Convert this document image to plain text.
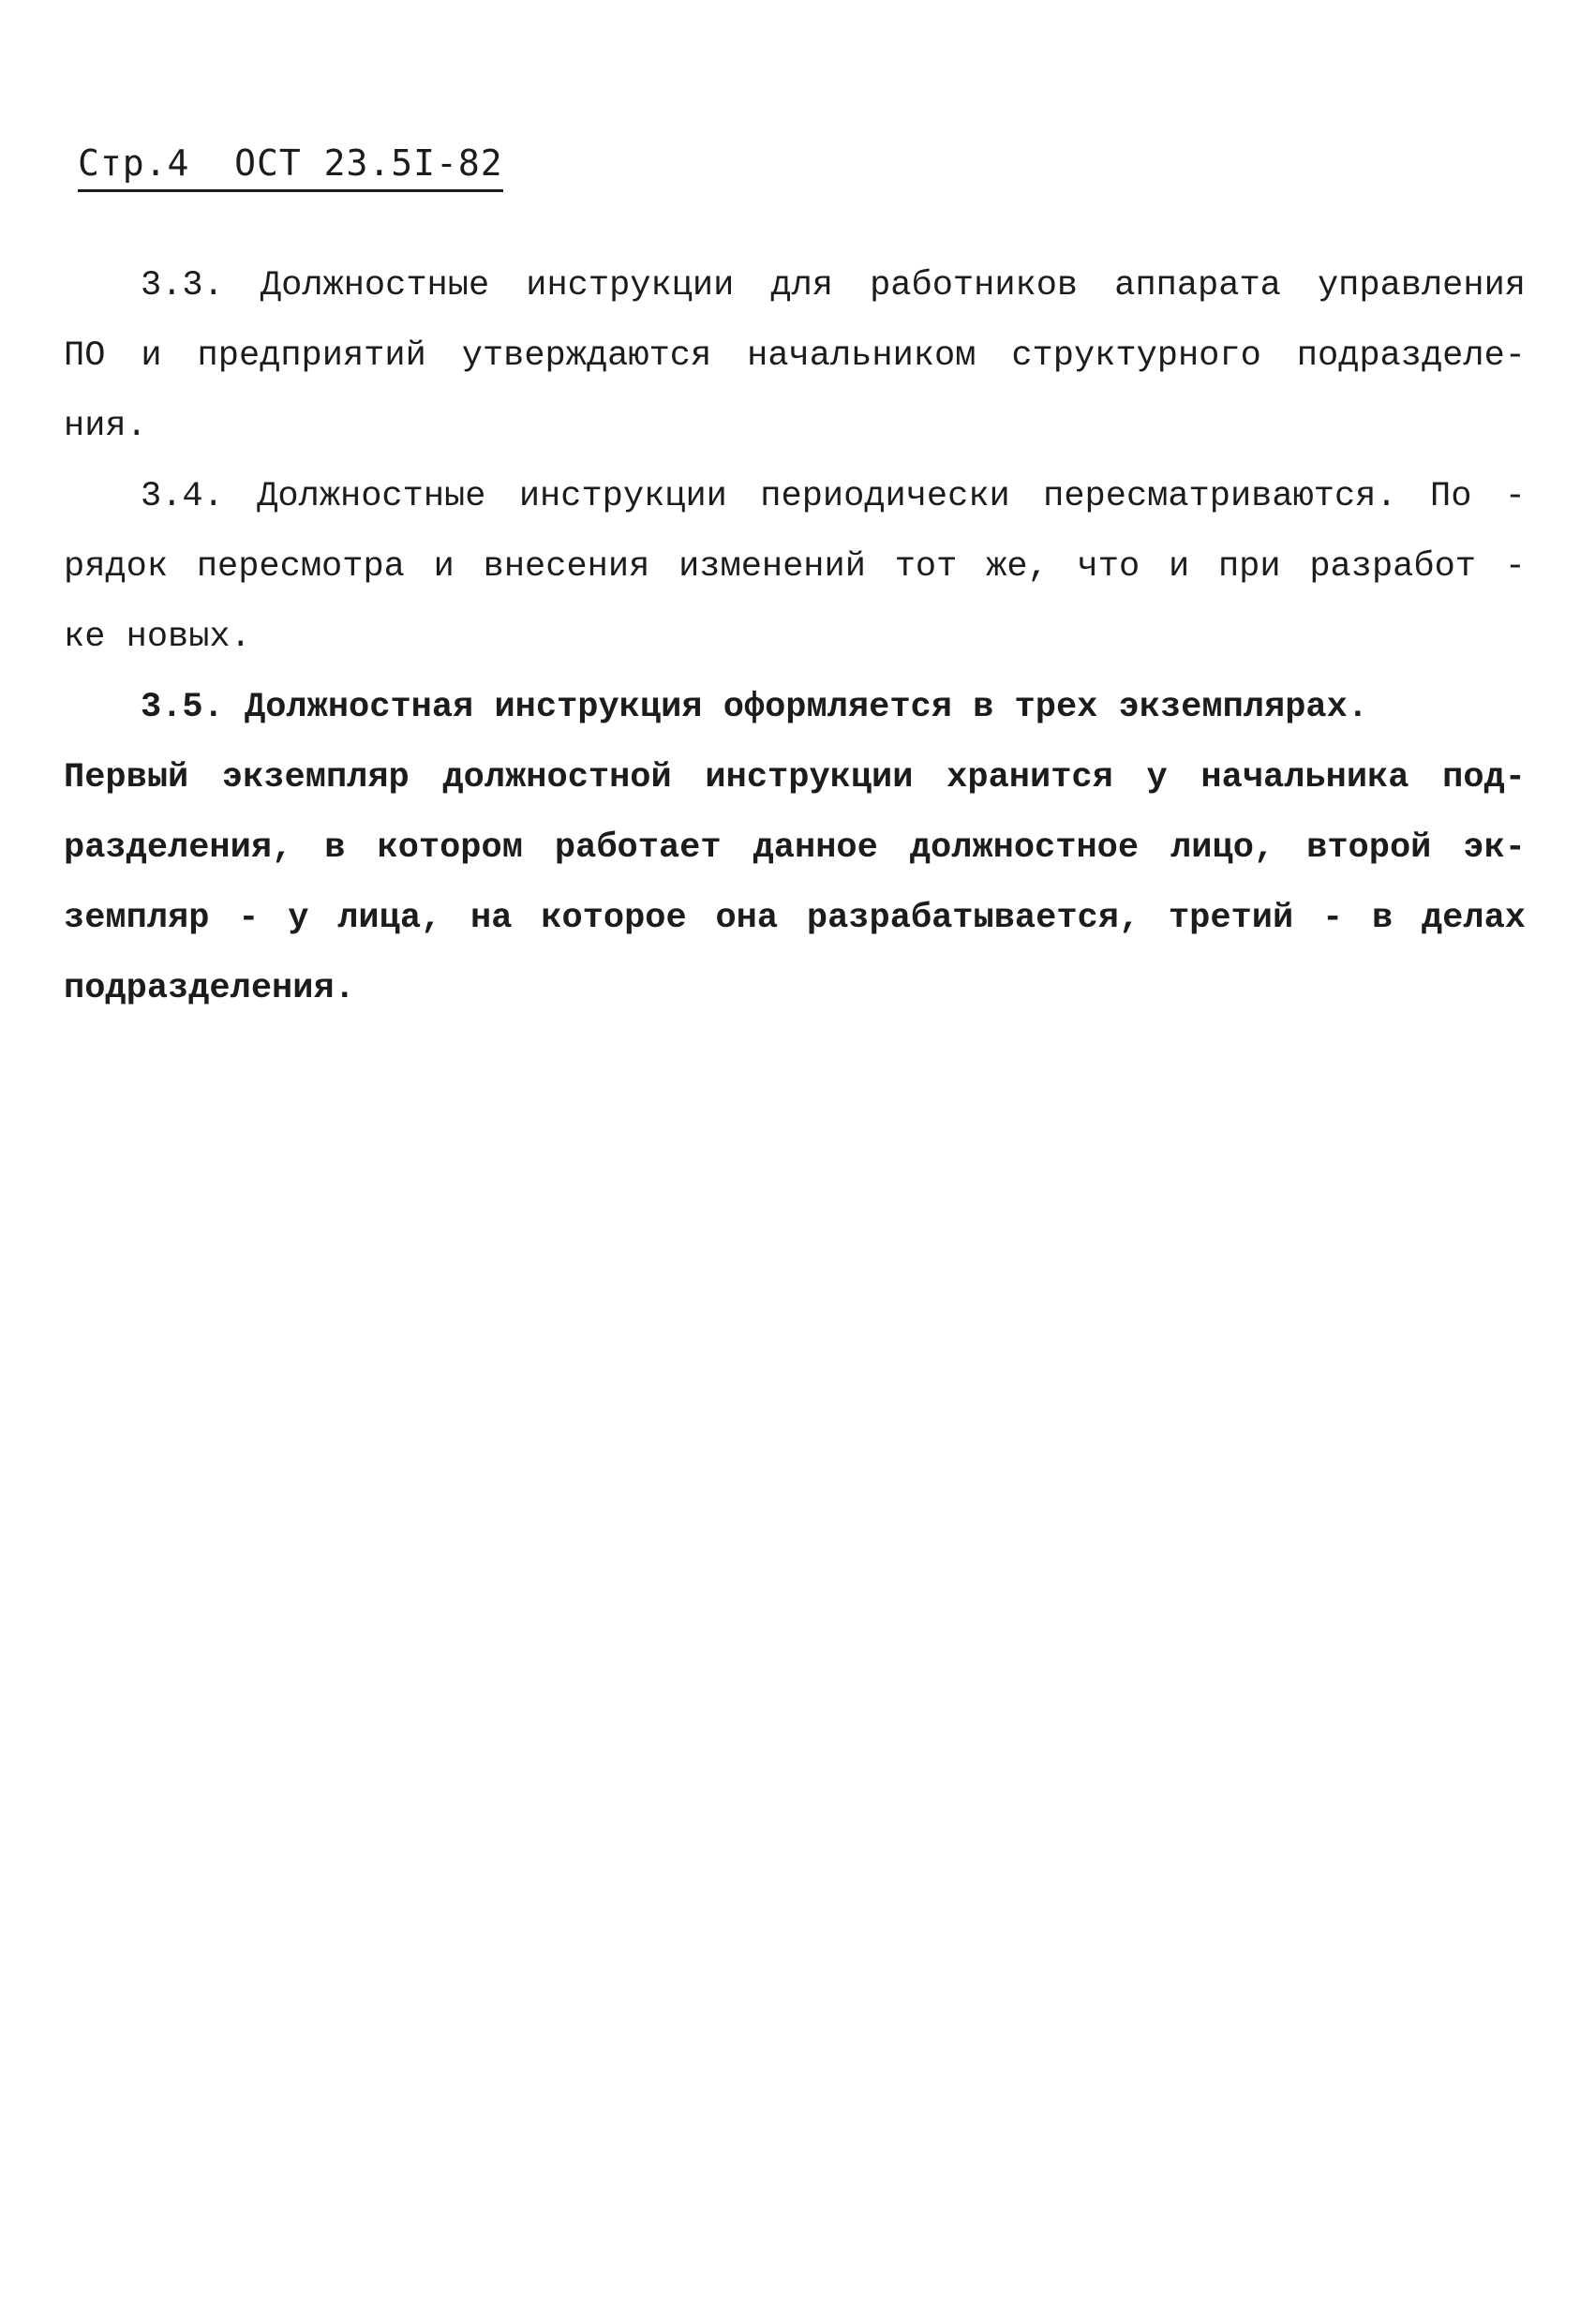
Стр.4  ОСТ 23.5І-82
3.3. Должностные инструкции для работников аппарата управления
ПО и предприятий утверждаются начальником структурного подразделе-
ния.
3.4. Должностные инструкции периодически пересматриваются. По -
рядок пересмотра и внесения изменений тот же, что и при разработ -
ке новых.
3.5. Должностная инструкция оформляется в трех экземплярах.
Первый экземпляр должностной инструкции хранится у начальника под-
разделения, в котором работает данное должностное лицо, второй эк-
земпляр - у лица, на которое она разрабатывается, третий - в делах
подразделения.
